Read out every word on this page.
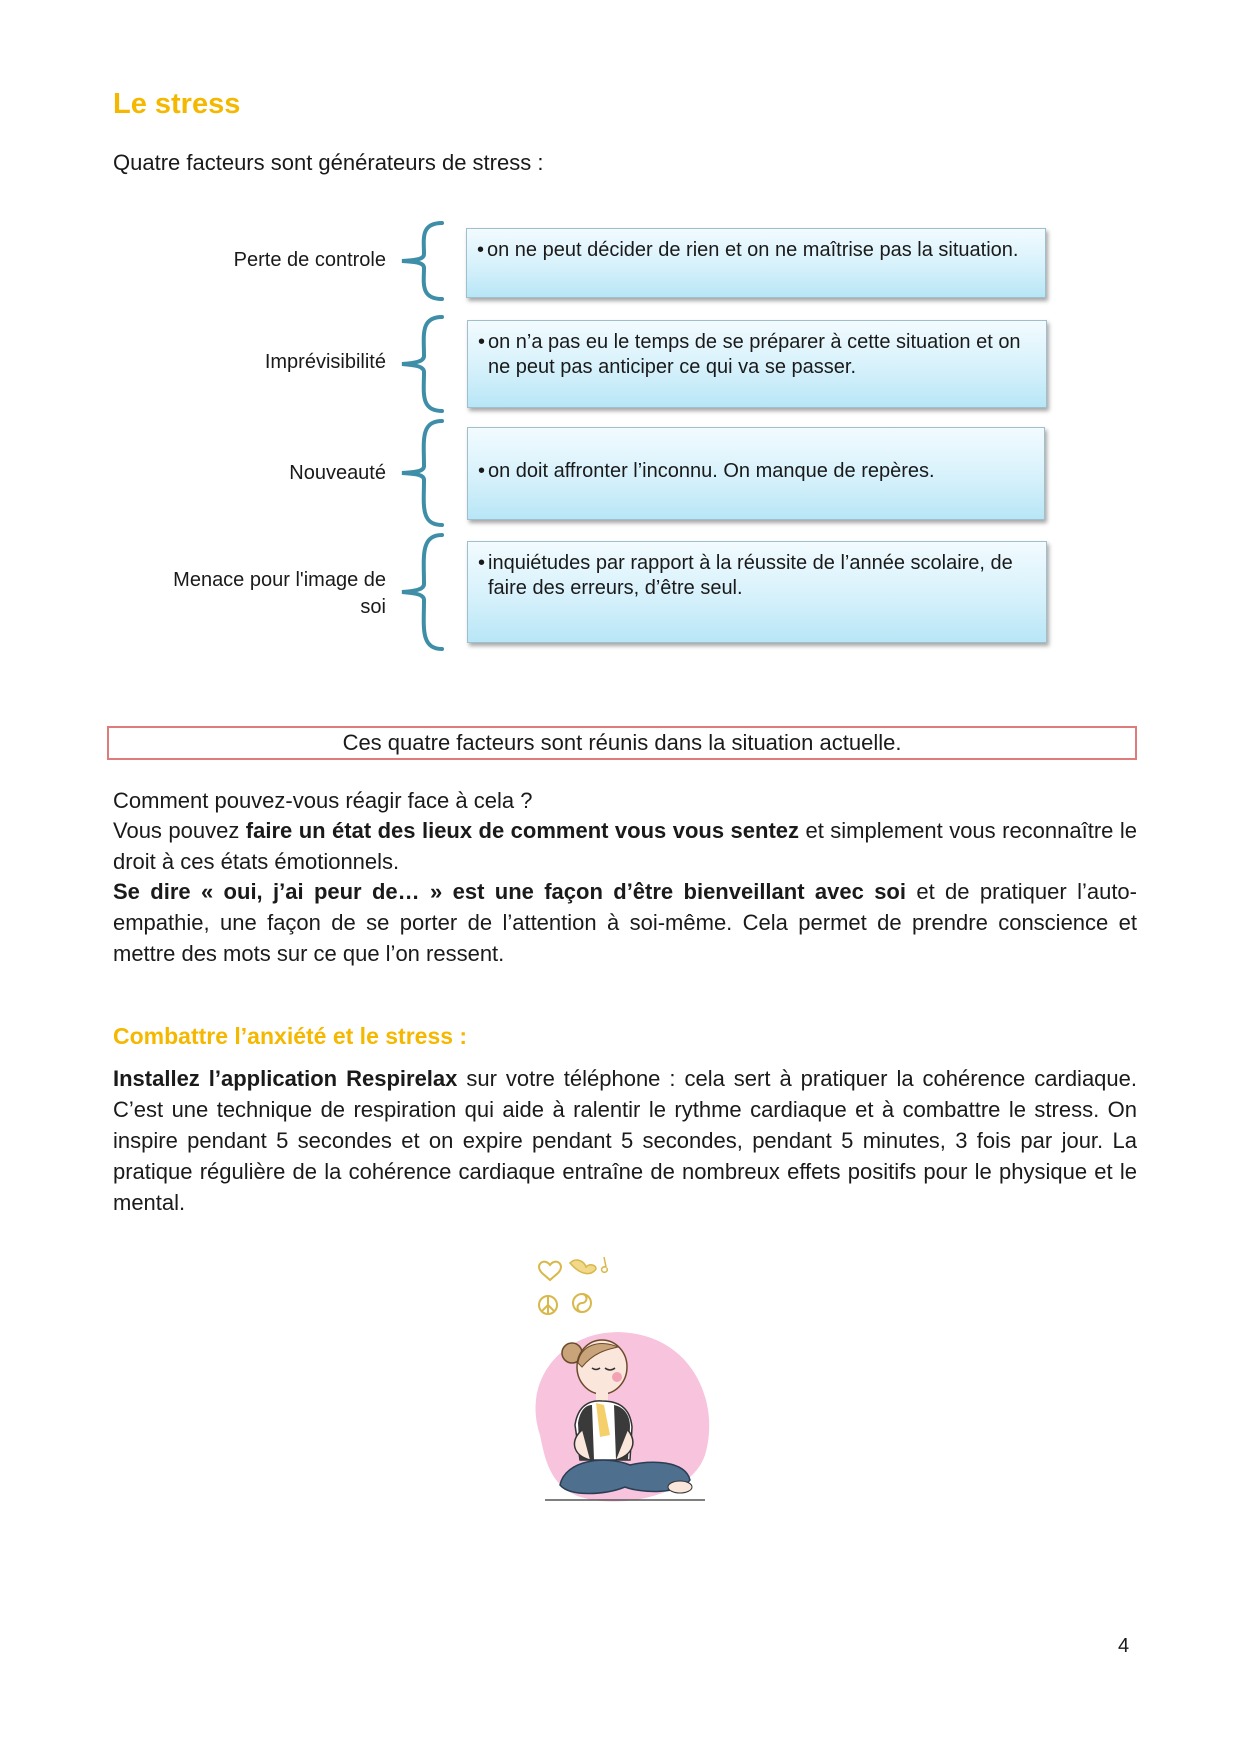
Le stress
Quatre facteurs sont générateurs de stress :
Perte de controle	• on ne peut décider de rien et on ne maîtrise pas la situation.
Imprévisibilité
• on n’a pas eu le temps de se préparer à cette situation et on ne peut pas anticiper ce qui va se passer.
Nouveauté	• on doit affronter l’inconnu. On manque de repères.
Menace pour l'image de soi
• inquiétudes par rapport à la réussite de l’année scolaire, de faire des erreurs, d’être seul.
Ces quatre facteurs sont réunis dans la situation actuelle.

Comment pouvez-vous réagir face à cela ?

Vous pouvez faire un état des lieux de comment vous vous sentez et simplement vous reconnaître le droit à ces états émotionnels.

Se dire « oui, j’ai peur de… » est une façon d’être bienveillant avec soi et de pratiquer l’auto-empathie, une façon de se porter de l’attention à soi-même. Cela permet de prendre conscience et mettre des mots sur ce que l’on ressent.

Combattre l’anxiété et le stress :

Installez l’application Respirelax sur votre téléphone : cela sert à pratiquer la cohérence cardiaque. C’est une technique de respiration qui aide à ralentir le rythme cardiaque et à combattre le stress. On inspire pendant 5 secondes et on expire pendant 5 secondes, pendant 5 minutes, 3 fois par jour. La pratique régulière de la cohérence cardiaque entraîne de nombreux effets positifs pour le physique et le mental.

4
